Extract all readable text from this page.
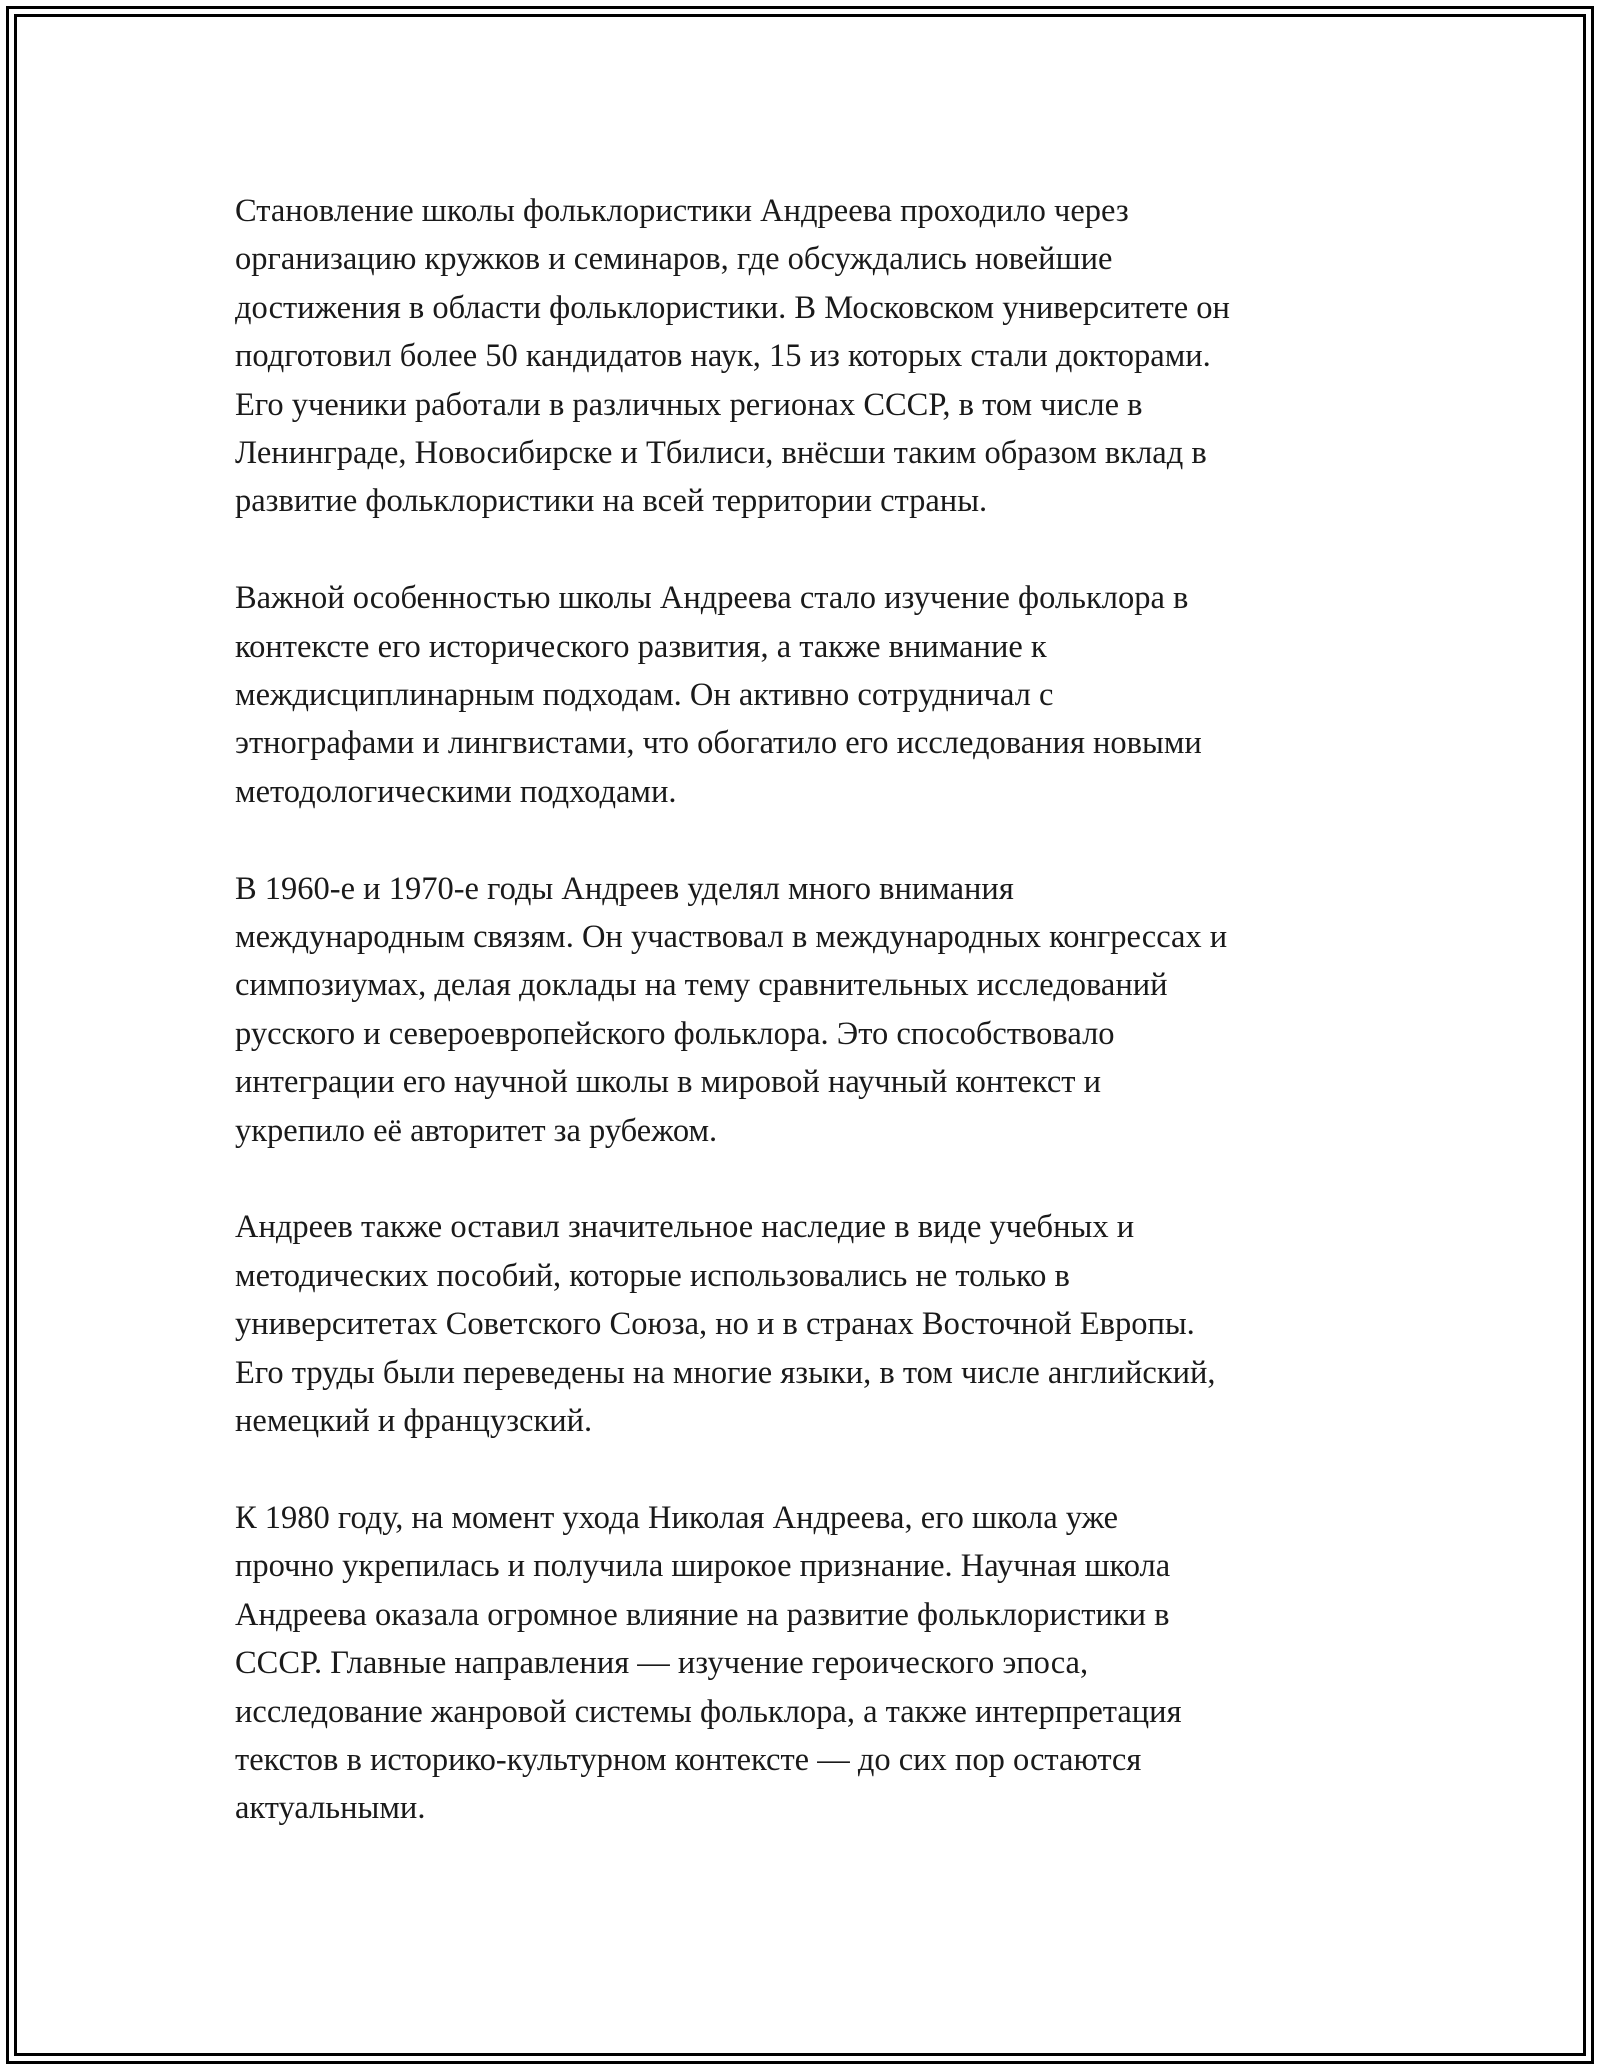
Становление школы фольклористики Андреева проходило через
организацию кружков и семинаров, где обсуждались новейшие
достижения в области фольклористики. В Московском университете он
подготовил более 50 кандидатов наук, 15 из которых стали докторами.
Его ученики работали в различных регионах СССР, в том числе в
Ленинграде, Новосибирске и Тбилиси, внёсши таким образом вклад в
развитие фольклористики на всей территории страны.

Важной особенностью школы Андреева стало изучение фольклора в
контексте его исторического развития, а также внимание к
междисциплинарным подходам. Он активно сотрудничал с
этнографами и лингвистами, что обогатило его исследования новыми
методологическими подходами.

В 1960-е и 1970-е годы Андреев уделял много внимания
международным связям. Он участвовал в международных конгрессах и
симпозиумах, делая доклады на тему сравнительных исследований
русского и североевропейского фольклора. Это способствовало
интеграции его научной школы в мировой научный контекст и
укрепило её авторитет за рубежом.

Андреев также оставил значительное наследие в виде учебных и
методических пособий, которые использовались не только в
университетах Советского Союза, но и в странах Восточной Европы.
Его труды были переведены на многие языки, в том числе английский,
немецкий и французский.

К 1980 году, на момент ухода Николая Андреева, его школа уже
прочно укрепилась и получила широкое признание. Научная школа
Андреева оказала огромное влияние на развитие фольклористики в
СССР. Главные направления — изучение героического эпоса,
исследование жанровой системы фольклора, а также интерпретация
текстов в историко-культурном контексте — до сих пор остаются
актуальными.
